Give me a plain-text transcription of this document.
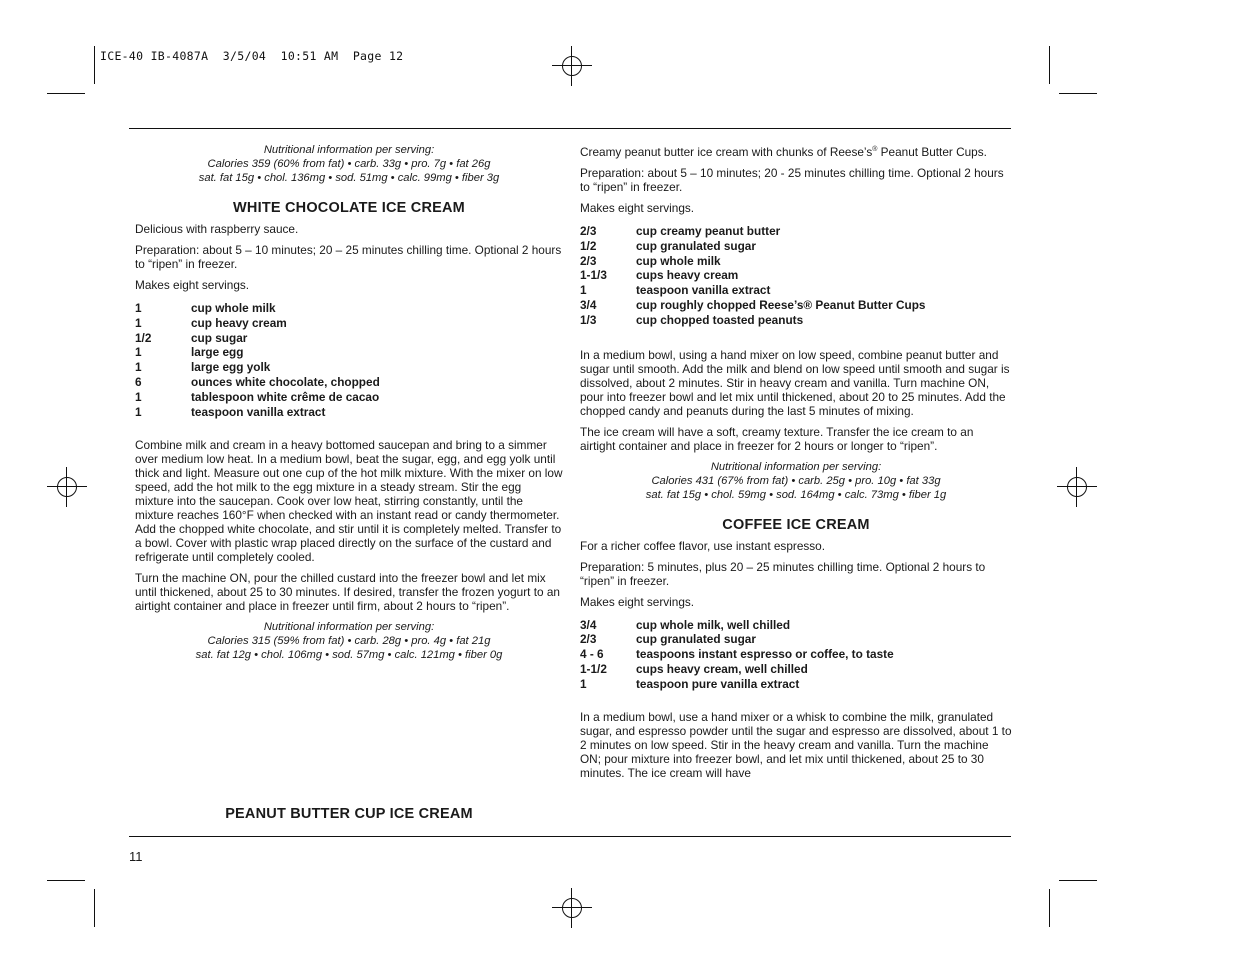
ICE-40 IB-4087A  3/5/04  10:51 AM  Page 12
Nutritional information per serving:
Calories 359 (60% from fat) • carb. 33g • pro. 7g • fat 26g
sat. fat 15g • chol. 136mg • sod. 51mg • calc. 99mg • fiber 3g
WHITE CHOCOLATE ICE CREAM

Delicious with raspberry sauce.

Preparation: about 5 – 10 minutes; 20 – 25 minutes chilling time. Optional 2 hours to “ripen” in freezer.

Makes eight servings.

1	cup whole milk
1	cup heavy cream
1/2	cup sugar
1	large egg
1	large egg yolk
6	ounces white chocolate, chopped
1	tablespoon white crême de cacao
1	teaspoon vanilla extract

Combine milk and cream in a heavy bottomed saucepan and bring to a simmer over medium low heat. In a medium bowl, beat the sugar, egg, and egg yolk until thick and light. Measure out one cup of the hot milk mixture. With the mixer on low speed, add the hot milk to the egg mixture in a steady stream. Stir the egg mixture into the saucepan. Cook over low heat, stirring constantly, until the mixture reaches 160°F when checked with an instant read or candy thermometer. Add the chopped white chocolate, and stir until it is completely melted. Transfer to a bowl. Cover with plastic wrap placed directly on the surface of the custard and refrigerate until completely cooled.

Turn the machine ON, pour the chilled custard into the freezer bowl and let mix until thickened, about 25 to 30 minutes. If desired, transfer the frozen yogurt to an airtight container and place in freezer until firm, about 2 hours to “ripen”.

Nutritional information per serving:
Calories 315 (59% from fat) • carb. 28g • pro. 4g • fat 21g
sat. fat 12g • chol. 106mg • sod. 57mg • calc. 121mg • fiber 0g
PEANUT BUTTER CUP ICE CREAM

Creamy peanut butter ice cream with chunks of Reese’s® Peanut Butter Cups.

Preparation: about 5 – 10 minutes; 20 - 25 minutes chilling time. Optional 2 hours to “ripen” in freezer.

Makes eight servings.

2/3	cup creamy peanut butter
1/2	cup granulated sugar
2/3	cup whole milk
1-1/3	cups heavy cream
1	teaspoon vanilla extract
3/4	cup roughly chopped Reese’s® Peanut Butter Cups
1/3	cup chopped toasted peanuts

In a medium bowl, using a hand mixer on low speed, combine peanut butter and sugar until smooth. Add the milk and blend on low speed until smooth and sugar is dissolved, about 2 minutes. Stir in heavy cream and vanilla. Turn machine ON, pour into freezer bowl and let mix until thickened, about 20 to 25 minutes. Add the chopped candy and peanuts during the last 5 minutes of mixing.

The ice cream will have a soft, creamy texture. Transfer the ice cream to an airtight container and place in freezer for 2 hours or longer to “ripen”.

Nutritional information per serving:
Calories 431 (67% from fat) • carb. 25g • pro. 10g • fat 33g
sat. fat 15g • chol. 59mg • sod. 164mg • calc. 73mg • fiber 1g
COFFEE ICE CREAM

For a richer coffee flavor, use instant espresso.

Preparation: 5 minutes, plus 20 – 25 minutes chilling time. Optional 2 hours to “ripen” in freezer.

Makes eight servings.

3/4	cup whole milk, well chilled
2/3	cup granulated sugar
4 - 6	teaspoons instant espresso or coffee, to taste
1-1/2	cups heavy cream, well chilled
1	teaspoon pure vanilla extract

In a medium bowl, use a hand mixer or a whisk to combine the milk, granulated sugar, and espresso powder until the sugar and espresso are dissolved, about 1 to 2 minutes on low speed. Stir in the heavy cream and vanilla. Turn the machine ON; pour mixture into freezer bowl, and let mix until thickened, about 25 to 30 minutes. The ice cream will have

11
